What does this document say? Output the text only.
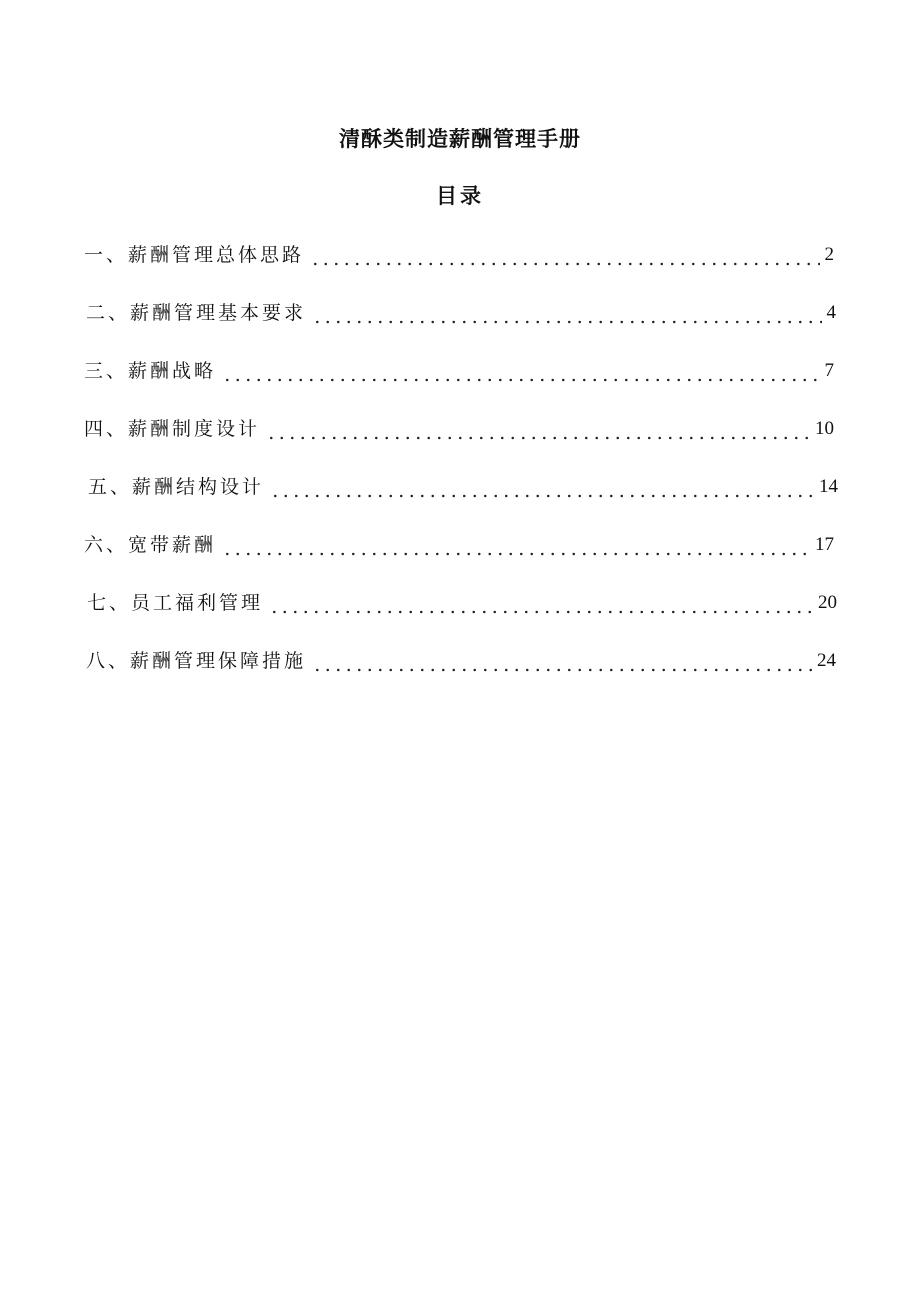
清酥类制造薪酬管理手册
目录
一、薪酬管理总体思路	2
二、薪酬管理基本要求	4
三、薪酬战略	7
四、薪酬制度设计	10
五、薪酬结构设计	14
六、宽带薪酬	17
七、员工福利管理	20
八、薪酬管理保障措施	24
